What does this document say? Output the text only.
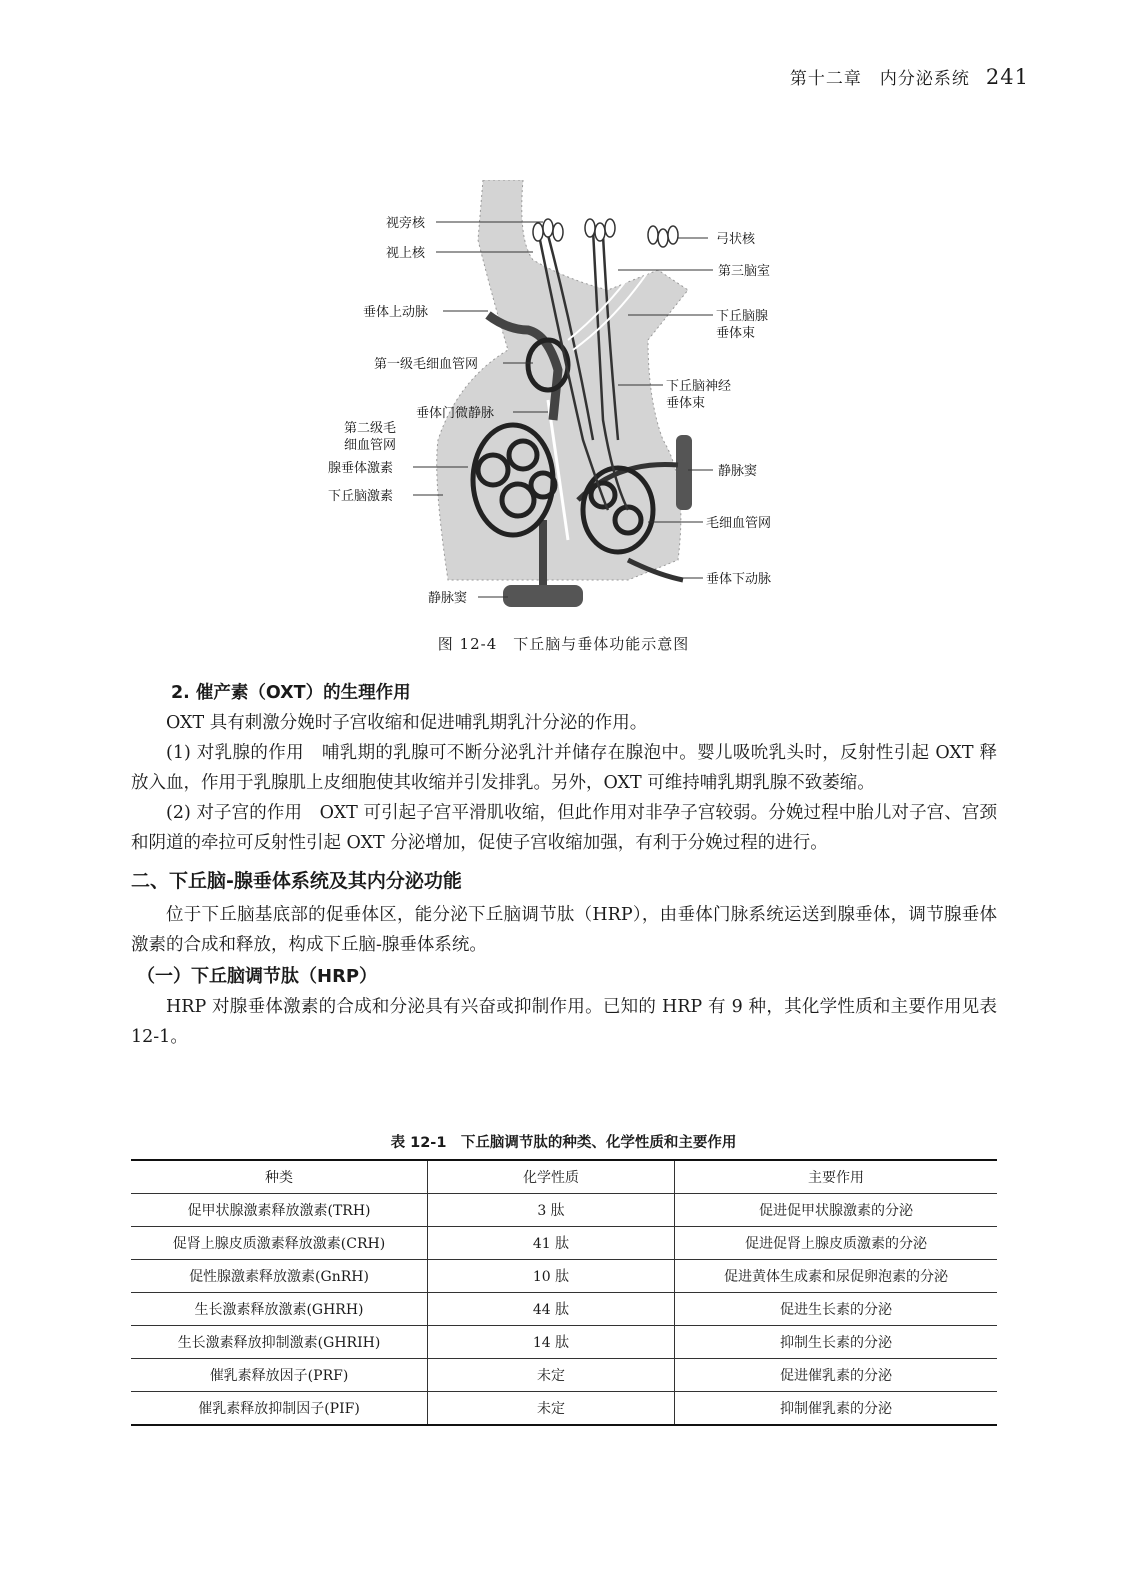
第十二章　内分泌系统 241
视旁核
视上核
垂体上动脉
第一级毛细血管网
垂体门微静脉
第二级毛
细血管网
腺垂体激素
下丘脑激素
静脉窦
弓状核
第三脑室
下丘脑腺
垂体束
下丘脑神经
垂体束
静脉窦
毛细血管网
垂体下动脉
图 12-4　下丘脑与垂体功能示意图
2. 催产素（OXT）的生理作用

OXT 具有刺激分娩时子宫收缩和促进哺乳期乳汁分泌的作用。

(1) 对乳腺的作用　哺乳期的乳腺可不断分泌乳汁并储存在腺泡中。婴儿吸吮乳头时，反射性引起 OXT 释放入血，作用于乳腺肌上皮细胞使其收缩并引发排乳。另外，OXT 可维持哺乳期乳腺不致萎缩。

(2) 对子宫的作用　OXT 可引起子宫平滑肌收缩，但此作用对非孕子宫较弱。分娩过程中胎儿对子宫、宫颈和阴道的牵拉可反射性引起 OXT 分泌增加，促使子宫收缩加强，有利于分娩过程的进行。

二、下丘脑-腺垂体系统及其内分泌功能

位于下丘脑基底部的促垂体区，能分泌下丘脑调节肽（HRP），由垂体门脉系统运送到腺垂体，调节腺垂体激素的合成和释放，构成下丘脑-腺垂体系统。

（一）下丘脑调节肽（HRP）

HRP 对腺垂体激素的合成和分泌具有兴奋或抑制作用。已知的 HRP 有 9 种，其化学性质和主要作用见表 12-1。

表 12-1　下丘脑调节肽的种类、化学性质和主要作用
种类	化学性质	主要作用
促甲状腺激素释放激素(TRH)	3 肽	促进促甲状腺激素的分泌
促肾上腺皮质激素释放激素(CRH)	41 肽	促进促肾上腺皮质激素的分泌
促性腺激素释放激素(GnRH)	10 肽	促进黄体生成素和尿促卵泡素的分泌
生长激素释放激素(GHRH)	44 肽	促进生长素的分泌
生长激素释放抑制激素(GHRIH)	14 肽	抑制生长素的分泌
催乳素释放因子(PRF)	未定	促进催乳素的分泌
催乳素释放抑制因子(PIF)	未定	抑制催乳素的分泌
